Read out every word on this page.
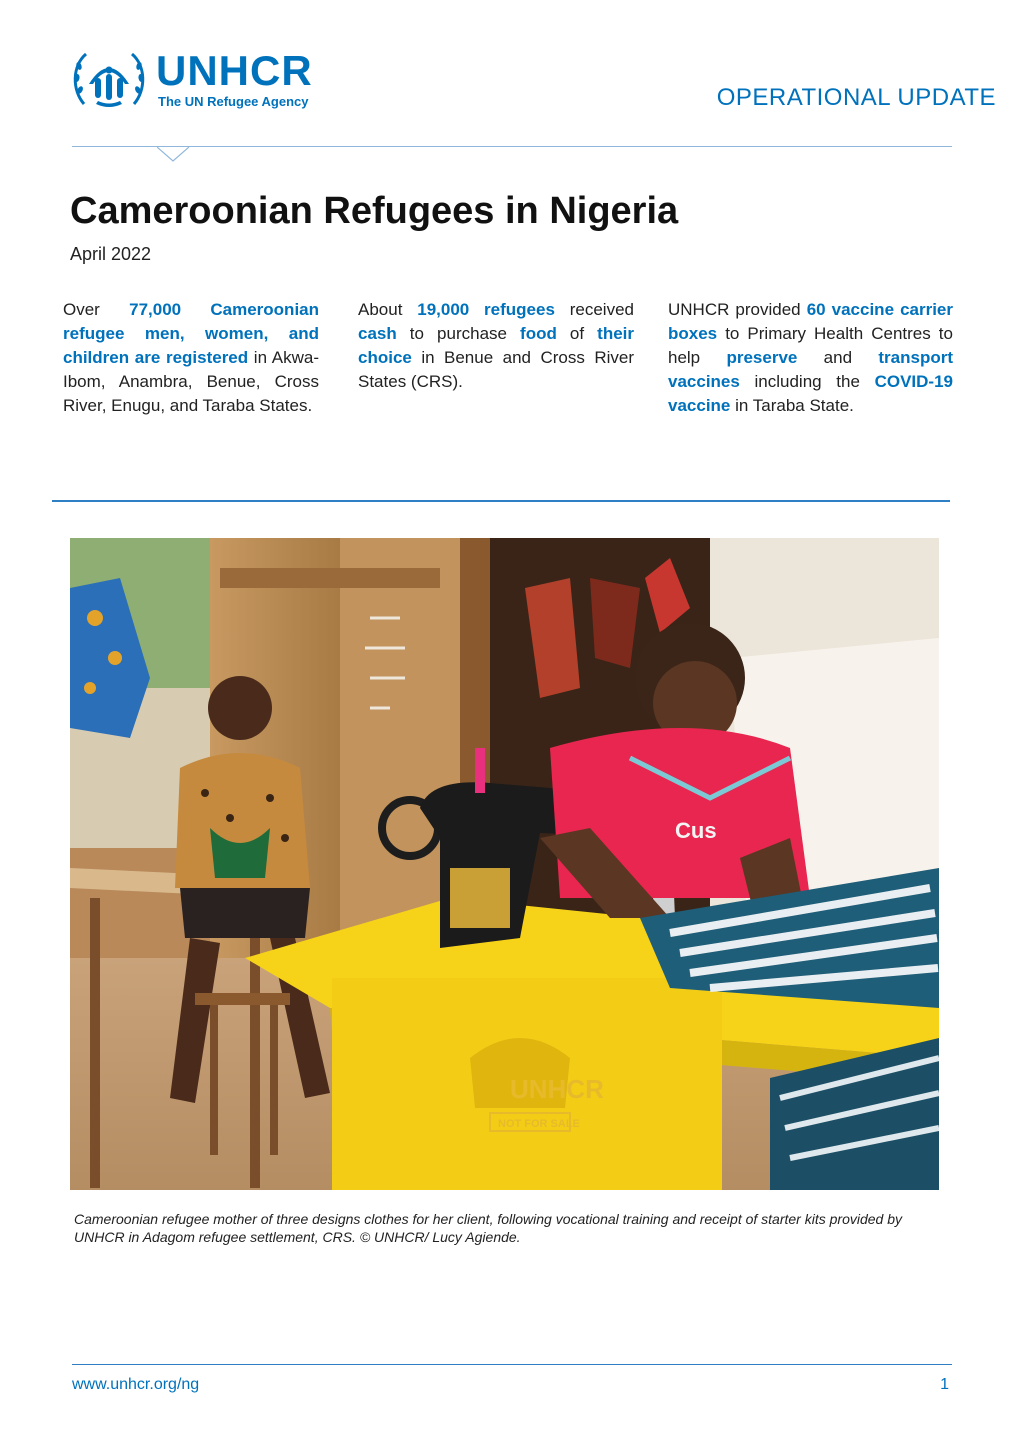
UNHCR
The UN Refugee Agency	OPERATIONAL UPDATE
Cameroonian Refugees in Nigeria
April 2022
Over 77,000 Cameroonian refugee men, women, and children are registered in Akwa-Ibom, Anambra, Benue, Cross River, Enugu, and Taraba States.
About 19,000 refugees received cash to purchase food of their choice in Benue and Cross River States (CRS).
UNHCR provided 60 vaccine carrier boxes to Primary Health Centres to help preserve and transport vaccines including the COVID-19 vaccine in Taraba State.
UNHCR
NOT FOR SALE
Cus
Cameroonian refugee mother of three designs clothes for her client, following vocational training and receipt of starter kits provided by UNHCR in Adagom refugee settlement, CRS. © UNHCR/ Lucy Agiende.
www.unhcr.org/ng	1
